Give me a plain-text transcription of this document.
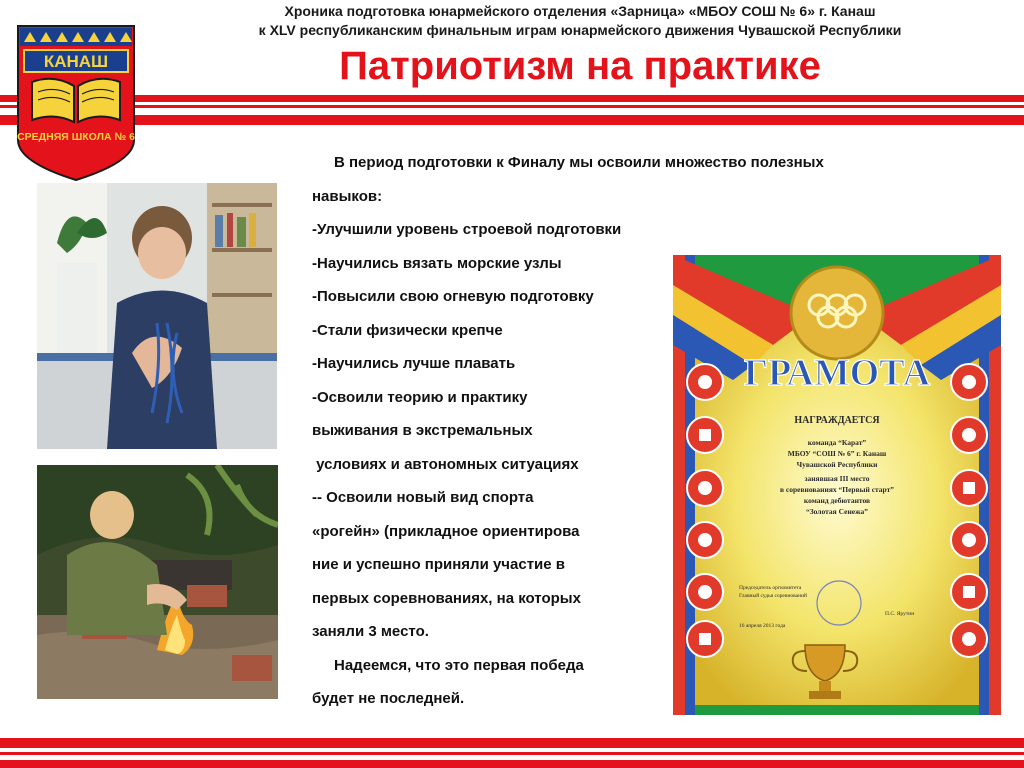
Хроника подготовка юнармейского отделения «Зарница» «МБОУ СОШ № 6» г. Канаш
к XLV республиканским финальным играм юнармейского движения Чувашской Республики
Патриотизм на практике
КАНАШ
СРЕДНЯЯ ШКОЛА № 6
В период подготовки к Финалу мы освоили множество полезных
навыков:
-Улучшили уровень строевой подготовки
-Научились вязать морские узлы
-Повысили свою огневую подготовку
-Стали физически крепче
-Научились лучше плавать
-Освоили теорию и практику
выживания в экстремальных
условиях и автономных ситуациях
-- Освоили новый вид спорта
«рогейн» (прикладное ориентирова
ние и успешно приняли участие в
первых соревнованиях, на которых
заняли 3 место.
Надеемся, что это первая победа
будет не последней.
ГРАМОТА
НАГРАЖДАЕТСЯ
команда “Карат”
МБОУ “СОШ № 6” г. Канаш
Чувашской Республики
занявшая III место
в соревнованиях “Первый старт”
команд дебютантов
“Золотая Сенежа”
Председатель оргкомитета
Главный судья соревнований
16 апреля 2013 года
П.С. Ярутин
